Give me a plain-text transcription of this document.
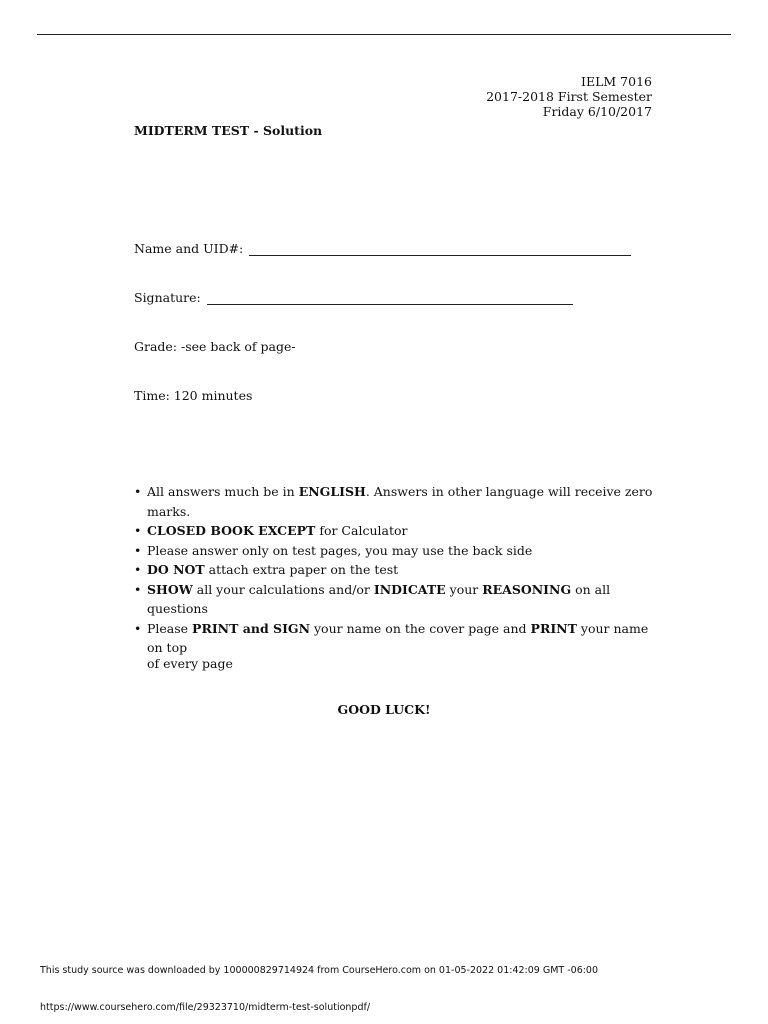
IELM 7016
2017-2018 First Semester
Friday 6/10/2017
MIDTERM TEST - Solution
Name and UID#:
Signature:
Grade: -see back of page-
Time: 120 minutes
• All answers much be in ENGLISH. Answers in other language will receive zero marks.
• CLOSED BOOK EXCEPT for Calculator
• Please answer only on test pages, you may use the back side
• DO NOT attach extra paper on the test
• SHOW all your calculations and/or INDICATE your REASONING on all questions
• Please PRINT and SIGN your name on the cover page and PRINT your name on top
of every page
GOOD LUCK!
This study source was downloaded by 100000829714924 from CourseHero.com on 01-05-2022 01:42:09 GMT -06:00
https://www.coursehero.com/file/29323710/midterm-test-solutionpdf/
